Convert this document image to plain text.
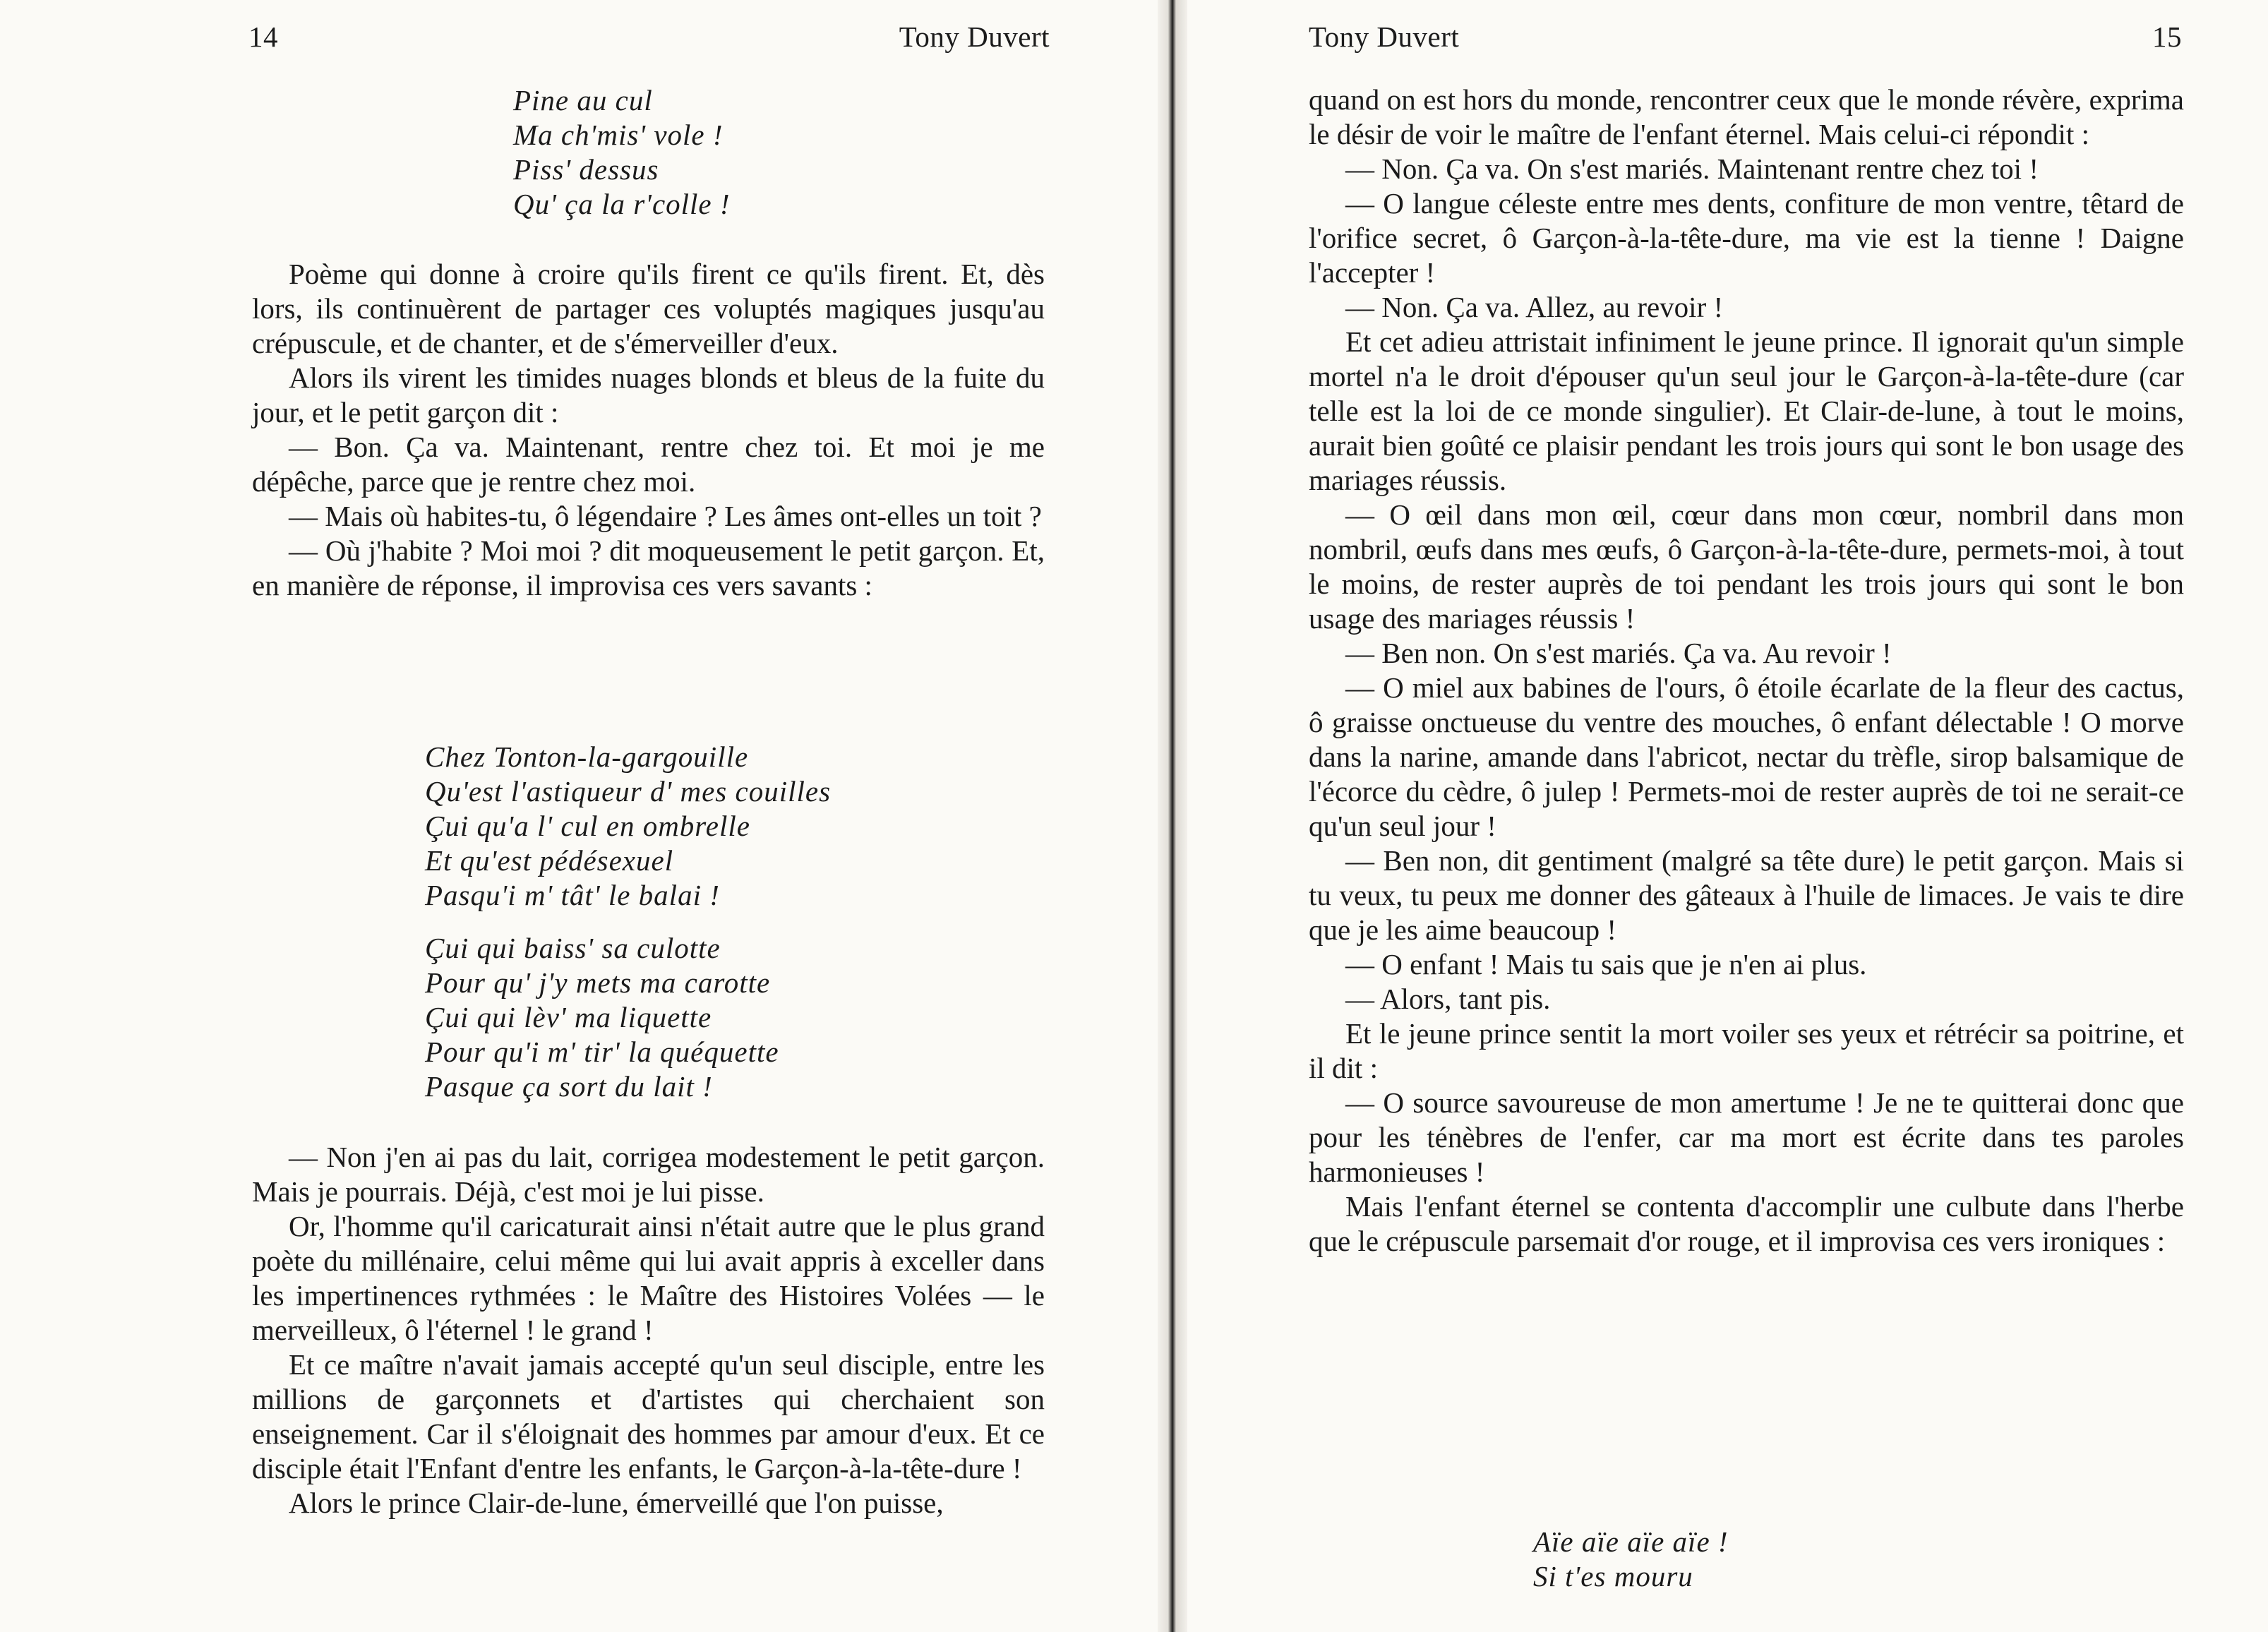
14	Tony Duvert
Pine au cul
Ma ch'mis' vole !
Piss' dessus
Qu' ça la r'colle !

Poème qui donne à croire qu'ils firent ce qu'ils firent. Et, dès lors, ils continuèrent de partager ces voluptés magiques jusqu'au crépuscule, et de chanter, et de s'émerveiller d'eux.

Alors ils virent les timides nuages blonds et bleus de la fuite du jour, et le petit garçon dit :

— Bon. Ça va. Maintenant, rentre chez toi. Et moi je me dépêche, parce que je rentre chez moi.

— Mais où habites-tu, ô légendaire ? Les âmes ont-elles un toit ?

— Où j'habite ? Moi moi ? dit moqueusement le petit garçon. Et, en manière de réponse, il improvisa ces vers savants :

Chez Tonton-la-gargouille
Qu'est l'astiqueur d' mes couilles
Çui qu'a l' cul en ombrelle
Et qu'est pédésexuel
Pasqu'i m' tât' le balai !
Çui qui baiss' sa culotte
Pour qu' j'y mets ma carotte
Çui qui lèv' ma liquette
Pour qu'i m' tir' la quéquette
Pasque ça sort du lait !

— Non j'en ai pas du lait, corrigea modestement le petit garçon. Mais je pourrais. Déjà, c'est moi je lui pisse.

Or, l'homme qu'il caricaturait ainsi n'était autre que le plus grand poète du millénaire, celui même qui lui avait appris à exceller dans les impertinences rythmées : le Maître des Histoires Volées — le merveilleux, ô l'éternel ! le grand !

Et ce maître n'avait jamais accepté qu'un seul disciple, entre les millions de garçonnets et d'artistes qui cherchaient son enseignement. Car il s'éloignait des hommes par amour d'eux. Et ce disciple était l'Enfant d'entre les enfants, le Garçon-à-la-tête-dure !

Alors le prince Clair-de-lune, émerveillé que l'on puisse,

Tony Duvert	15

quand on est hors du monde, rencontrer ceux que le monde révère, exprima le désir de voir le maître de l'enfant éternel. Mais celui-ci répondit :

— Non. Ça va. On s'est mariés. Maintenant rentre chez toi !

— O langue céleste entre mes dents, confiture de mon ventre, têtard de l'orifice secret, ô Garçon-à-la-tête-dure, ma vie est la tienne ! Daigne l'accepter !

— Non. Ça va. Allez, au revoir !

Et cet adieu attristait infiniment le jeune prince. Il ignorait qu'un simple mortel n'a le droit d'épouser qu'un seul jour le Garçon-à-la-tête-dure (car telle est la loi de ce monde singulier). Et Clair-de-lune, à tout le moins, aurait bien goûté ce plaisir pendant les trois jours qui sont le bon usage des mariages réussis.

— O œil dans mon œil, cœur dans mon cœur, nombril dans mon nombril, œufs dans mes œufs, ô Garçon-à-la-tête-dure, permets-moi, à tout le moins, de rester auprès de toi pendant les trois jours qui sont le bon usage des mariages réussis !

— Ben non. On s'est mariés. Ça va. Au revoir !

— O miel aux babines de l'ours, ô étoile écarlate de la fleur des cactus, ô graisse onctueuse du ventre des mouches, ô enfant délectable ! O morve dans la narine, amande dans l'abricot, nectar du trèfle, sirop balsamique de l'écorce du cèdre, ô julep ! Permets-moi de rester auprès de toi ne serait-ce qu'un seul jour !

— Ben non, dit gentiment (malgré sa tête dure) le petit garçon. Mais si tu veux, tu peux me donner des gâteaux à l'huile de limaces. Je vais te dire que je les aime beaucoup !

— O enfant ! Mais tu sais que je n'en ai plus.

— Alors, tant pis.

Et le jeune prince sentit la mort voiler ses yeux et rétrécir sa poitrine, et il dit :

— O source savoureuse de mon amertume ! Je ne te quitterai donc que pour les ténèbres de l'enfer, car ma mort est écrite dans tes paroles harmonieuses !

Mais l'enfant éternel se contenta d'accomplir une culbute dans l'herbe que le crépuscule parsemait d'or rouge, et il improvisa ces vers ironiques :

Aïe aïe aïe aïe !
Si t'es mouru
